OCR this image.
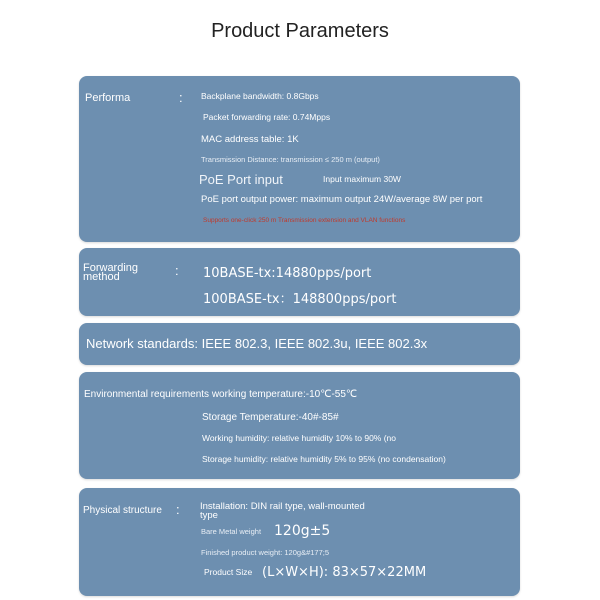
Product Parameters
Performa	: Backplane bandwidth: 0.8Gbps
Packet forwarding rate: 0.74Mpps
MAC address table: 1K
Transmission Distance: transmission ≤ 250 m (output)
PoE Port input	Input maximum 30W
PoE port output power: maximum output 24W/average 8W per port
Supports one-click 250 m Transmission extension and VLAN functions
Forwarding
method	: 10BASE-tx:14880pps/port
100BASE-tx：148800pps/port
Network standards: IEEE 802.3, IEEE 802.3u, IEEE 802.3x
Environmental requirements working temperature:-10℃-55℃
Storage Temperature:-40#-85#
Working humidity: relative humidity 10% to 90% (no
Storage humidity: relative humidity 5% to 95% (no condensation)
Physical structure : Installation: DIN rail type, wall-mounted
type
Bare Metal weight 120g±5
Finished product weight: 120g&#177;5
Product Size (L×W×H): 83×57×22MM
